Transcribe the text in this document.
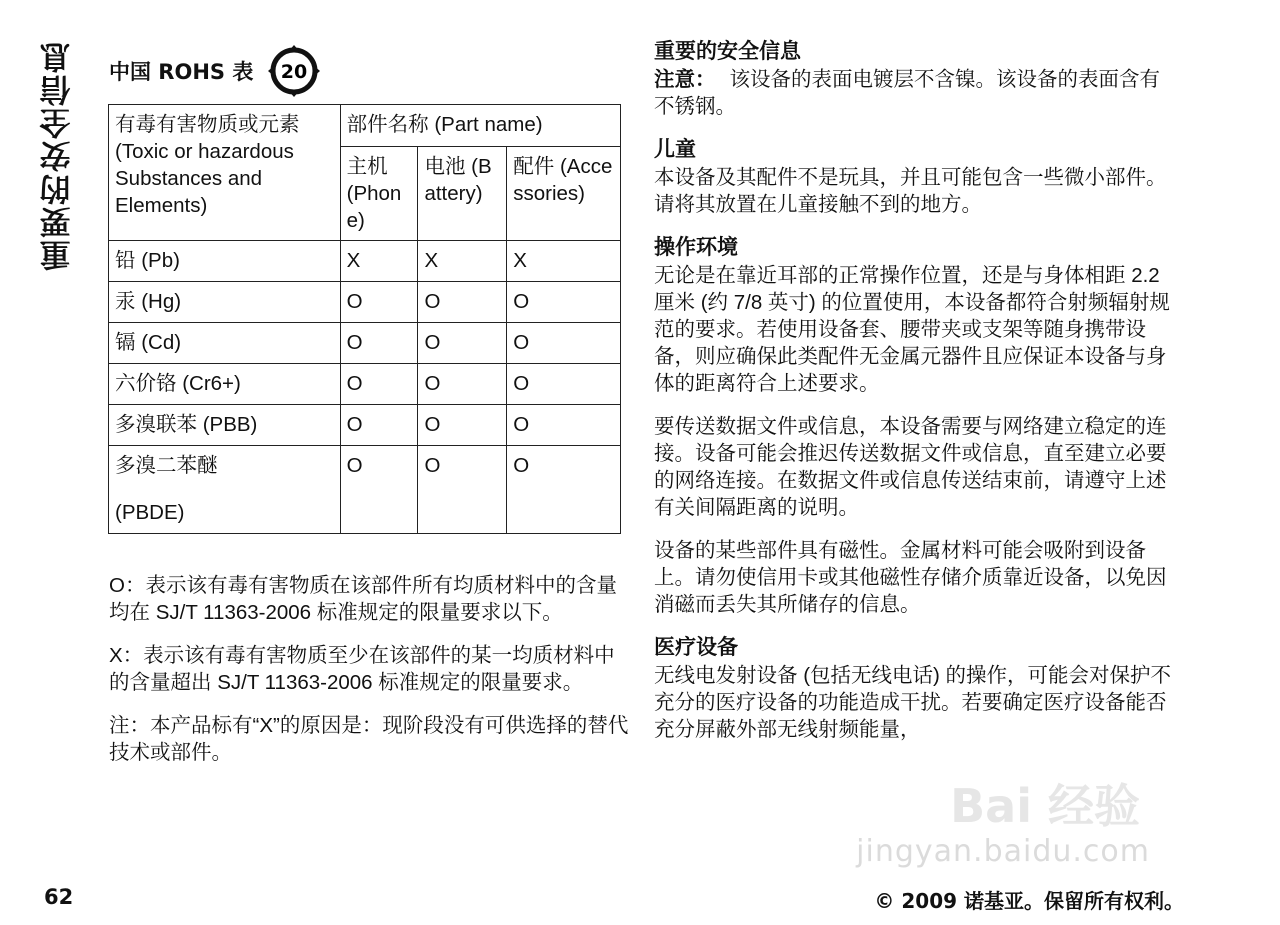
重要的安全信息	中国 ROHS 表 20
有毒有害物质或元素 (Toxic or hazardous Substances and Elements)	部件名称 (Part name)		
	主机 (Phone)	电池 (Battery)	配件 (Accessories)
铅 (Pb)	X	X	X
汞 (Hg)	O	O	O
镉 (Cd)	O	O	O
六价铬 (Cr6+)	O	O	O
多溴联苯 (PBB)	O	O	O

多溴二苯醚
(PBDE)	O	O	O

O：表示该有毒有害物质在该部件所有均质材料中的含量均在 SJ/T 11363-2006 标准规定的限量要求以下。

X：表示该有毒有害物质至少在该部件的某一均质材料中的含量超出 SJ/T 11363-2006 标准规定的限量要求。

注：本产品标有“X”的原因是：现阶段没有可供选择的替代技术或部件。

重要的安全信息

注意： 该设备的表面电镀层不含镍。该设备的表面含有不锈钢。

儿童

本设备及其配件不是玩具，并且可能包含一些微小部件。请将其放置在儿童接触不到的地方。

操作环境

无论是在靠近耳部的正常操作位置，还是与身体相距 2.2 厘米 (约 7/8 英寸) 的位置使用，本设备都符合射频辐射规范的要求。若使用设备套、腰带夹或支架等随身携带设备，则应确保此类配件无金属元器件且应保证本设备与身体的距离符合上述要求。

要传送数据文件或信息，本设备需要与网络建立稳定的连接。设备可能会推迟传送数据文件或信息，直至建立必要的网络连接。在数据文件或信息传送结束前，请遵守上述有关间隔距离的说明。

设备的某些部件具有磁性。金属材料可能会吸附到设备上。请勿使信用卡或其他磁性存储介质靠近设备，以免因消磁而丢失其所储存的信息。

医疗设备

无线电发射设备 (包括无线电话) 的操作，可能会对保护不充分的医疗设备的功能造成干扰。若要确定医疗设备能否充分屏蔽外部无线射频能量，

Bai 经验
jingyan.baidu.com
62	© 2009 诺基亚。保留所有权利。
